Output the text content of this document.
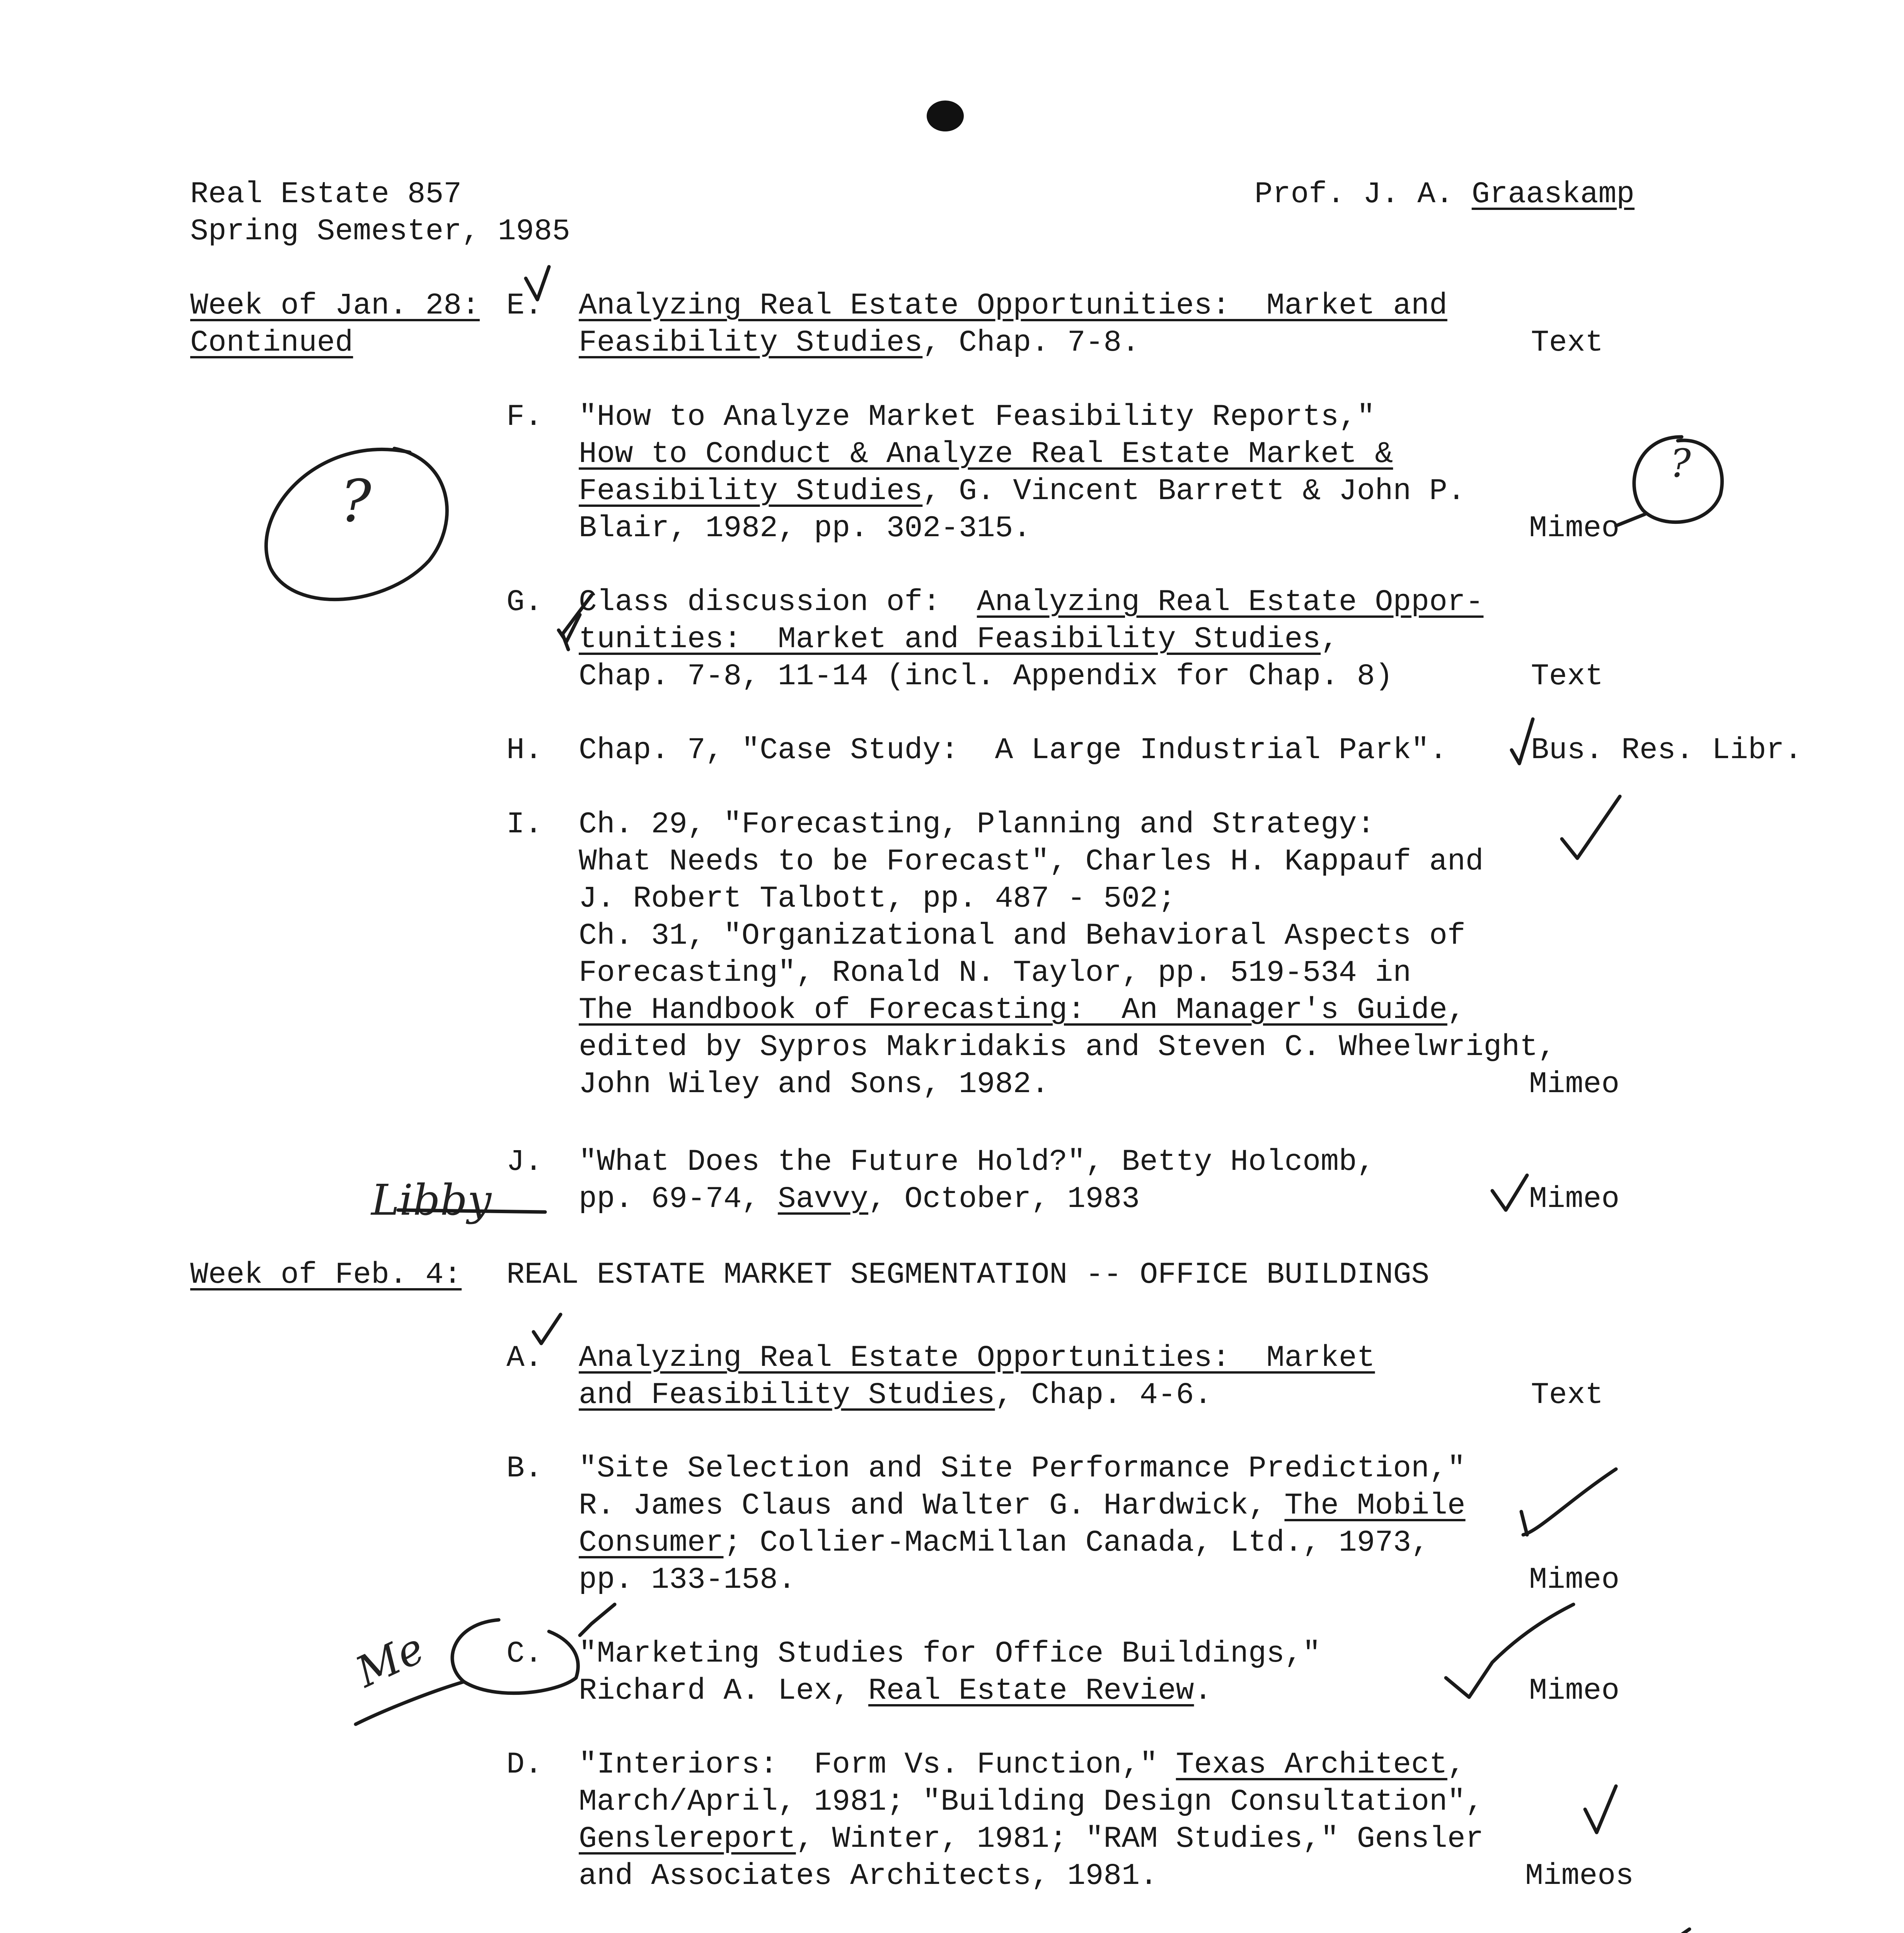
Real Estate 857
Spring Semester, 1985
Prof. J. A. Graaskamp
Week of Jan. 28:
Continued
E. Analyzing Real Estate Opportunities:  Market and
Feasibility Studies, Chap. 7-8.	Text
F. "How to Analyze Market Feasibility Reports,"
How to Conduct & Analyze Real Estate Market &
Feasibility Studies, G. Vincent Barrett & John P.
Blair, 1982, pp. 302-315.	Mimeo
G. Class discussion of:  Analyzing Real Estate Oppor-
tunities:  Market and Feasibility Studies,
Chap. 7-8, 11-14 (incl. Appendix for Chap. 8)	Text
H. Chap. 7, "Case Study:  A Large Industrial Park".	Bus. Res. Libr.
I. Ch. 29, "Forecasting, Planning and Strategy:
What Needs to be Forecast", Charles H. Kappauf and
J. Robert Talbott, pp. 487 - 502;
Ch. 31, "Organizational and Behavioral Aspects of
Forecasting", Ronald N. Taylor, pp. 519-534 in
The Handbook of Forecasting:  An Manager's Guide,
edited by Sypros Makridakis and Steven C. Wheelwright,
John Wiley and Sons, 1982.	Mimeo
J. "What Does the Future Hold?", Betty Holcomb,
pp. 69-74, Savvy, October, 1983	Mimeo
Week of Feb. 4: REAL ESTATE MARKET SEGMENTATION -- OFFICE BUILDINGS
A. Analyzing Real Estate Opportunities:  Market
and Feasibility Studies, Chap. 4-6.	Text
B. "Site Selection and Site Performance Prediction,"
R. James Claus and Walter G. Hardwick, The Mobile
Consumer; Collier-MacMillan Canada, Ltd., 1973,
pp. 133-158.	Mimeo
C. "Marketing Studies for Office Buildings,"
Richard A. Lex, Real Estate Review.	Mimeo
D. "Interiors:  Form Vs. Function," Texas Architect,
March/April, 1981; "Building Design Consultation",
Genslereport, Winter, 1981; "RAM Studies," Gensler
and Associates Architects, 1981.	Mimeos
?
?
Libby
Me
